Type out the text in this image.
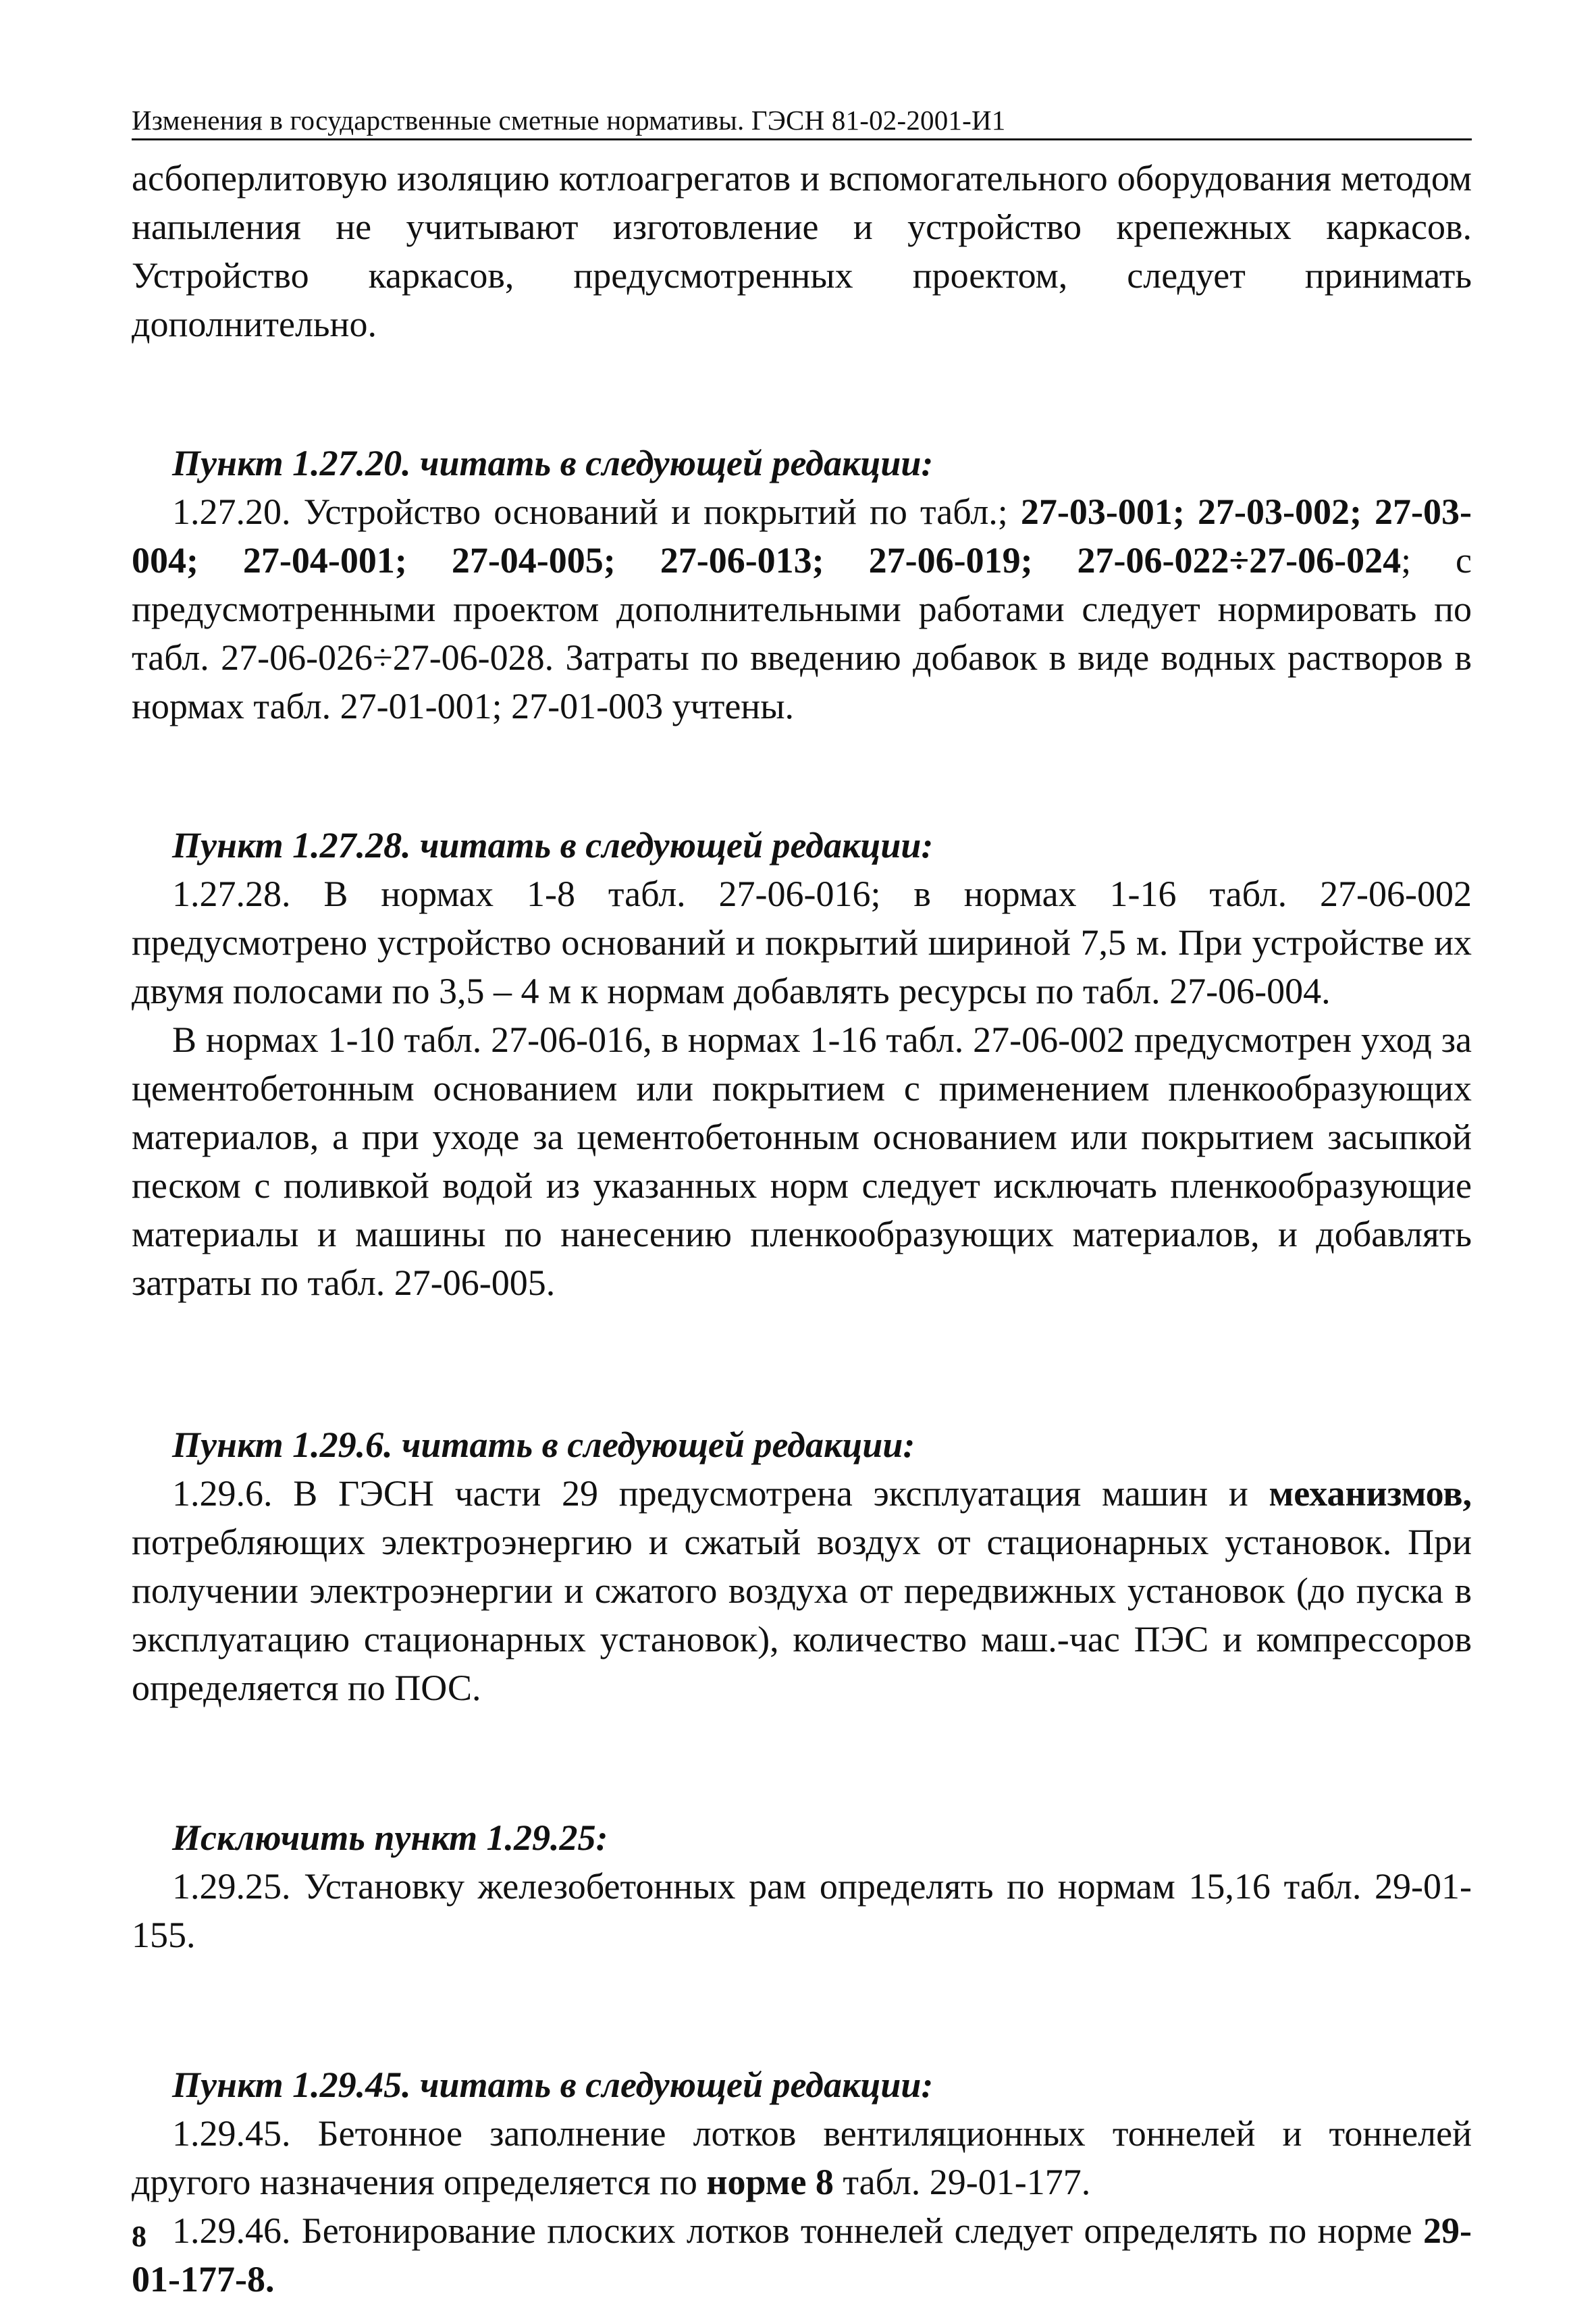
Изменения в государственные сметные нормативы. ГЭСН 81-02-2001-И1

асбоперлитовую изоляцию котлоагрегатов и вспомогательного оборудования методом напыления не учитывают изготовление и устройство крепежных каркасов. Устройство каркасов, предусмотренных проектом, следует принимать дополнительно.

Пункт 1.27.20. читать в следующей редакции:

1.27.20. Устройство оснований и покрытий по табл.; 27-03-001; 27-03-002; 27-03-004; 27-04-001; 27-04-005; 27-06-013; 27-06-019; 27-06-022÷27-06-024; с предусмотренными проектом дополнительными работами следует нормировать по табл. 27-06-026÷27-06-028. Затраты по введению добавок в виде водных растворов в нормах табл. 27-01-001; 27-01-003 учтены.

Пункт 1.27.28. читать в следующей редакции:

1.27.28. В нормах 1-8 табл. 27-06-016; в нормах 1-16 табл. 27-06-002 предусмотрено устройство оснований и покрытий шириной 7,5 м. При устройстве их двумя полосами по 3,5 – 4 м к нормам добавлять ресурсы по табл. 27-06-004.

В нормах 1-10 табл. 27-06-016, в нормах 1-16 табл. 27-06-002 предусмотрен уход за цементобетонным основанием или покрытием с применением пленкообразующих материалов, а при уходе за цементобетонным основанием или покрытием засыпкой песком с поливкой водой из указанных норм следует исключать пленкообразующие материалы и машины по нанесению пленкообразующих материалов, и добавлять затраты по табл. 27-06-005.

Пункт 1.29.6. читать в следующей редакции:

1.29.6. В ГЭСН части 29 предусмотрена эксплуатация машин и механизмов, потребляющих электроэнергию и сжатый воздух от стационарных установок. При получении электроэнергии и сжатого воздуха от передвижных установок (до пуска в эксплуатацию стационарных установок), количество маш.-час ПЭС и компрессоров определяется по ПОС.

Исключить пункт 1.29.25:

1.29.25. Установку железобетонных рам определять по нормам 15,16 табл. 29-01-155.

Пункт 1.29.45. читать в следующей редакции:

1.29.45. Бетонное заполнение лотков вентиляционных тоннелей и тоннелей другого назначения определяется по норме 8 табл. 29-01-177.

1.29.46. Бетонирование плоских лотков тоннелей следует определять по норме 29-01-177-8.

8
